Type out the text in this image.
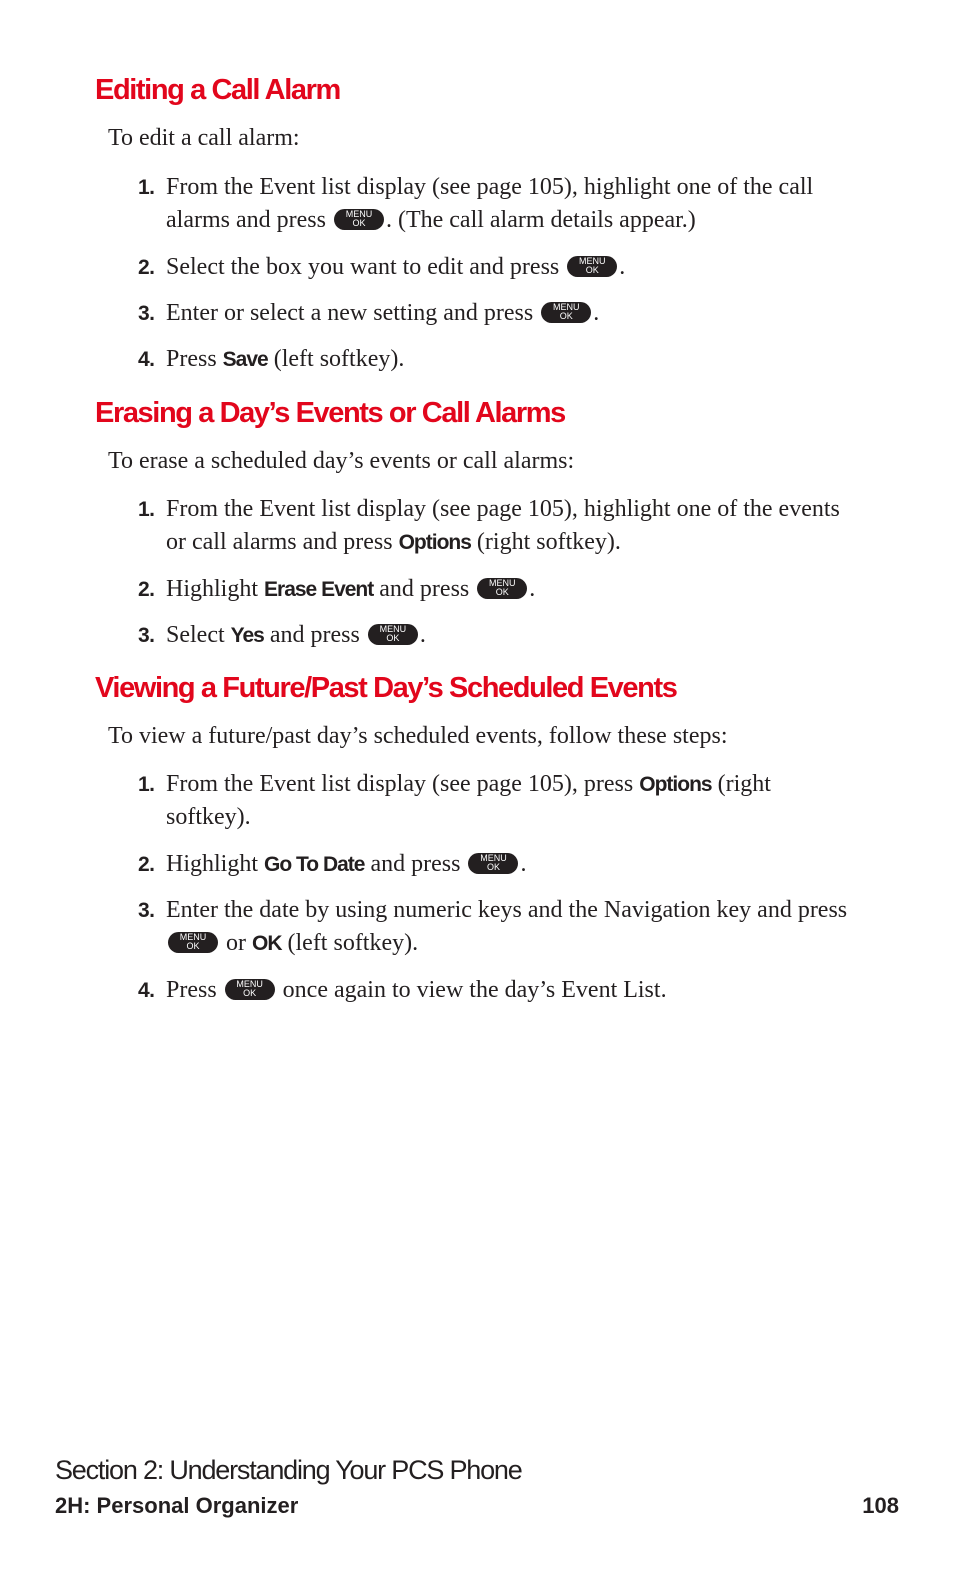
Editing a Call Alarm

To edit a call alarm:

1. From the Event list display (see page 105), highlight one of the call alarms and press	MENU
OK . (The call alarm details appear.)
2. Select the box you want to edit and press	MENU
OK .
3. Enter or select a new setting and press	MENU
OK .
4. Press Save (left softkey).
Erasing a Day’s Events or Call Alarms

To erase a scheduled day’s events or call alarms:

1. From the Event list display (see page 105), highlight one of the events or call alarms and press Options (right softkey).
2. Highlight Erase Event and press	MENU
OK .
3. Select Yes and press	MENU
OK .
Viewing a Future/Past Day’s Scheduled Events

To view a future/past day’s scheduled events, follow these steps:

1. From the Event list display (see page 105), press Options (right softkey).
2. Highlight Go To Date and press	MENU
OK .
3. Enter the date by using numeric keys and the Navigation key and press
MENU
OK	or OK (left softkey).
4. Press	MENU
OK	once again to view the day’s Event List.

Section 2: Understanding Your PCS Phone

2H: Personal Organizer	108
